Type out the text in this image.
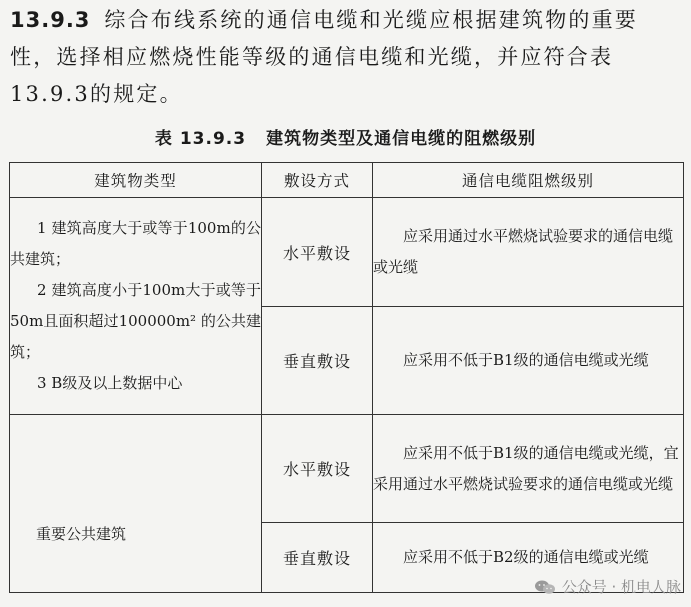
13.9.3 综合布线系统的通信电缆和光缆应根据建筑物的重要性，选择相应燃烧性能等级的通信电缆和光缆，并应符合表13.9.3的规定。

表 13.9.3 建筑物类型及通信电缆的阻燃级别
建筑物类型	敷设方式	通信电缆阻燃级别

1 建筑高度大于或等于100m的公共建筑；
2 建筑高度小于100m大于或等于50m且面积超过100000m² 的公共建筑；
3 B级及以上数据中心	水平敷设	应采用通过水平燃烧试验要求的通信电缆或光缆
	垂直敷设	应采用不低于B1级的通信电缆或光缆
重要公共建筑	水平敷设	应采用不低于B1级的通信电缆或光缆，宜采用通过水平燃烧试验要求的通信电缆或光缆
	垂直敷设	应采用不低于B2级的通信电缆或光缆
公众号 · 机电人脉
